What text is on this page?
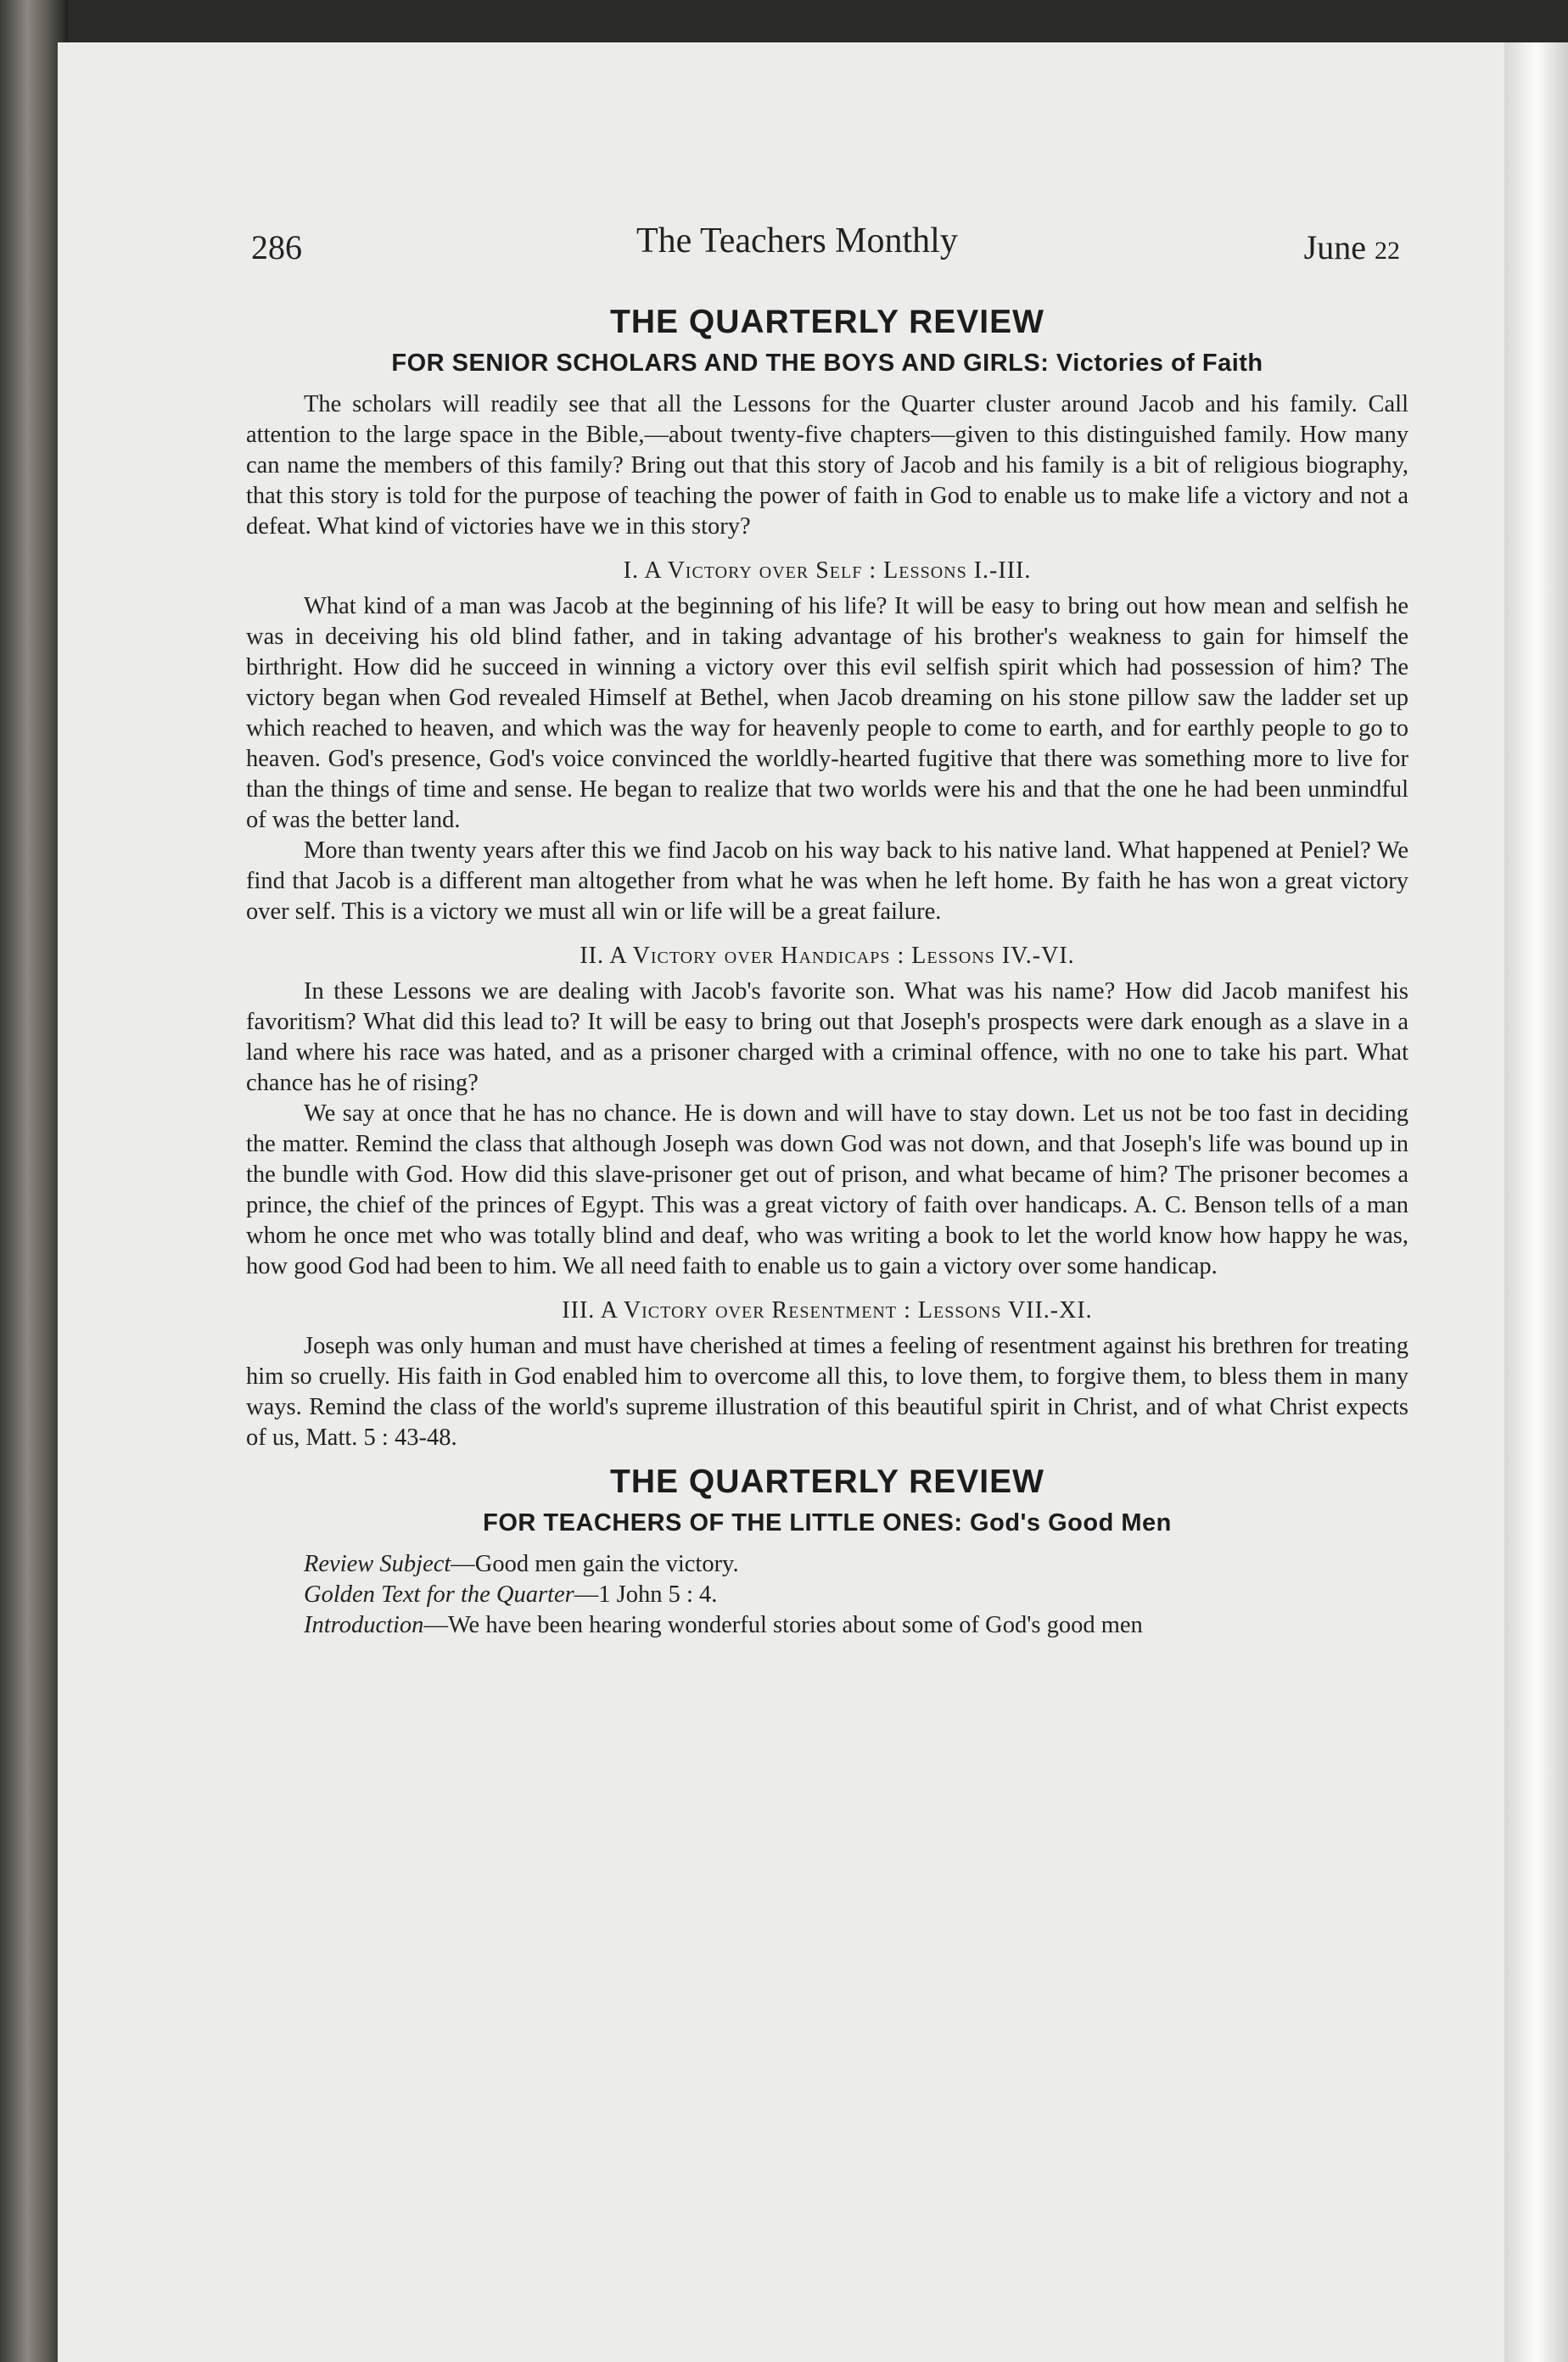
286	The Teachers Monthly	June 22
THE QUARTERLY REVIEW
FOR SENIOR SCHOLARS AND THE BOYS AND GIRLS: Victories of Faith

The scholars will readily see that all the Lessons for the Quarter cluster around Jacob and his family. Call attention to the large space in the Bible,—about twenty-five chapters—given to this distinguished family. How many can name the members of this family? Bring out that this story of Jacob and his family is a bit of religious biography, that this story is told for the purpose of teaching the power of faith in God to enable us to make life a victory and not a defeat. What kind of victories have we in this story?

I. A Victory over Self : Lessons I.-III.

What kind of a man was Jacob at the beginning of his life? It will be easy to bring out how mean and selfish he was in deceiving his old blind father, and in taking advantage of his brother's weakness to gain for himself the birthright. How did he succeed in winning a victory over this evil selfish spirit which had possession of him? The victory began when God revealed Himself at Bethel, when Jacob dreaming on his stone pillow saw the ladder set up which reached to heaven, and which was the way for heavenly people to come to earth, and for earthly people to go to heaven. God's presence, God's voice convinced the worldly-hearted fugitive that there was something more to live for than the things of time and sense. He began to realize that two worlds were his and that the one he had been unmindful of was the better land.

More than twenty years after this we find Jacob on his way back to his native land. What happened at Peniel? We find that Jacob is a different man altogether from what he was when he left home. By faith he has won a great victory over self. This is a victory we must all win or life will be a great failure.

II. A Victory over Handicaps : Lessons IV.-VI.

In these Lessons we are dealing with Jacob's favorite son. What was his name? How did Jacob manifest his favoritism? What did this lead to? It will be easy to bring out that Joseph's prospects were dark enough as a slave in a land where his race was hated, and as a prisoner charged with a criminal offence, with no one to take his part. What chance has he of rising?

We say at once that he has no chance. He is down and will have to stay down. Let us not be too fast in deciding the matter. Remind the class that although Joseph was down God was not down, and that Joseph's life was bound up in the bundle with God. How did this slave-prisoner get out of prison, and what became of him? The prisoner becomes a prince, the chief of the princes of Egypt. This was a great victory of faith over handicaps. A. C. Benson tells of a man whom he once met who was totally blind and deaf, who was writing a book to let the world know how happy he was, how good God had been to him. We all need faith to enable us to gain a victory over some handicap.

III. A Victory over Resentment : Lessons VII.-XI.

Joseph was only human and must have cherished at times a feeling of resentment against his brethren for treating him so cruelly. His faith in God enabled him to overcome all this, to love them, to forgive them, to bless them in many ways. Remind the class of the world's supreme illustration of this beautiful spirit in Christ, and of what Christ expects of us, Matt. 5 : 43-48.

THE QUARTERLY REVIEW
FOR TEACHERS OF THE LITTLE ONES: God's Good Men
Review Subject—Good men gain the victory.
Golden Text for the Quarter—1 John 5 : 4.
Introduction—We have been hearing wonderful stories about some of God's good men
